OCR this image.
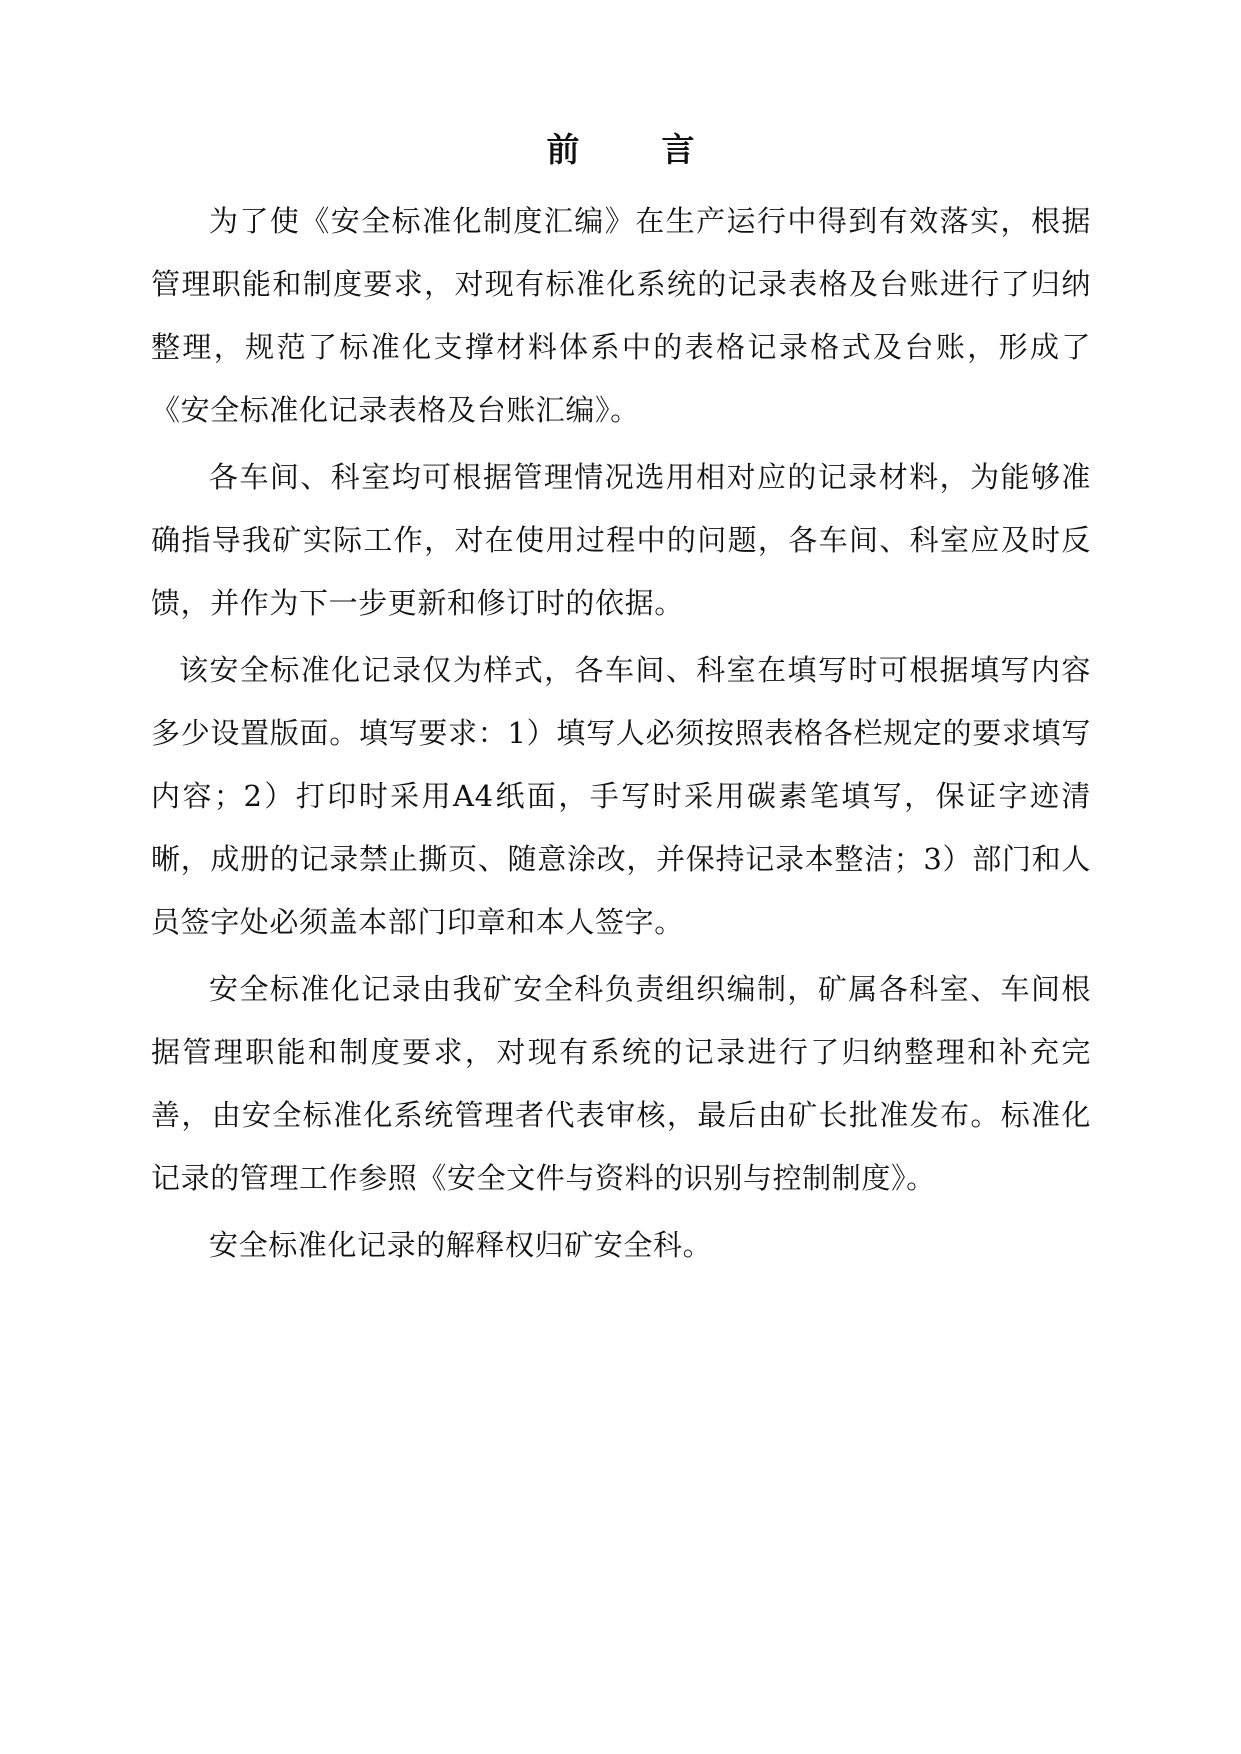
前 言

为了使《安全标准化制度汇编》在生产运行中得到有效落实，根据管理职能和制度要求，对现有标准化系统的记录表格及台账进行了归纳整理，规范了标准化支撑材料体系中的表格记录格式及台账，形成了《安全标准化记录表格及台账汇编》。

各车间、科室均可根据管理情况选用相对应的记录材料，为能够准确指导我矿实际工作，对在使用过程中的问题，各车间、科室应及时反馈，并作为下一步更新和修订时的依据。

该安全标准化记录仅为样式，各车间、科室在填写时可根据填写内容多少设置版面。填写要求：1）填写人必须按照表格各栏规定的要求填写内容；2）打印时采用A4纸面，手写时采用碳素笔填写，保证字迹清晰，成册的记录禁止撕页、随意涂改，并保持记录本整洁；3）部门和人员签字处必须盖本部门印章和本人签字。

安全标准化记录由我矿安全科负责组织编制，矿属各科室、车间根据管理职能和制度要求，对现有系统的记录进行了归纳整理和补充完善，由安全标准化系统管理者代表审核，最后由矿长批准发布。标准化记录的管理工作参照《安全文件与资料的识别与控制制度》。

安全标准化记录的解释权归矿安全科。
